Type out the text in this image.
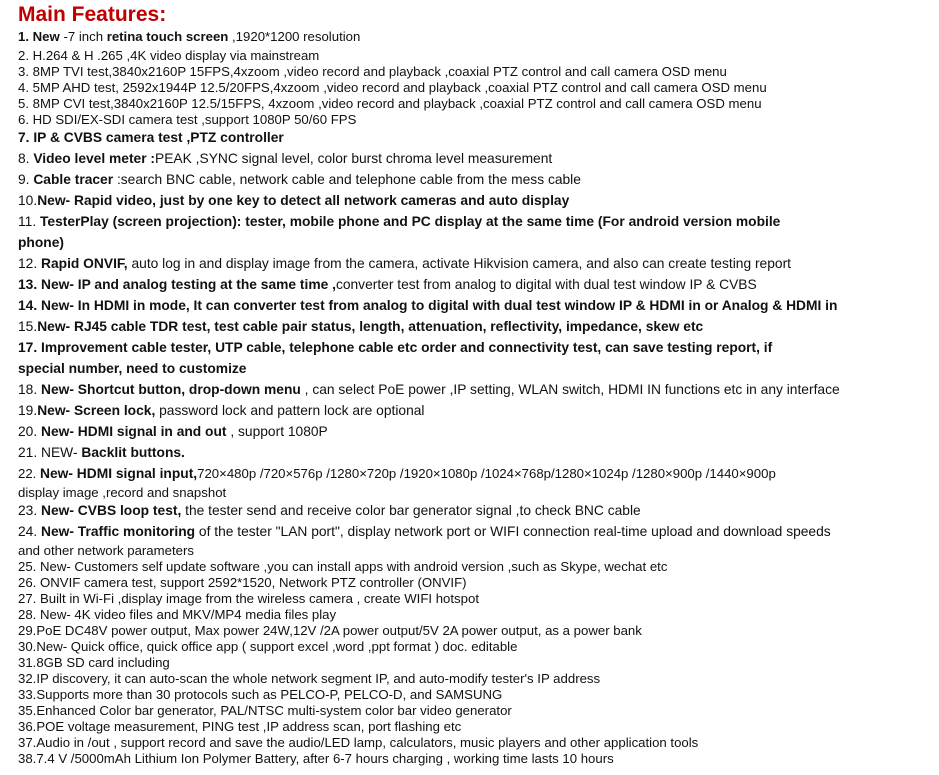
Main Features:
1. New -7 inch retina touch screen ,1920*1200 resolution
2. H.264 & H .265 ,4K video display via mainstream
3. 8MP TVI test,3840x2160P 15FPS,4xzoom ,video record and playback ,coaxial PTZ control and call camera OSD menu
4. 5MP AHD test, 2592x1944P 12.5/20FPS,4xzoom ,video record and playback ,coaxial PTZ control and call camera OSD menu
5. 8MP CVI test,3840x2160P 12.5/15FPS, 4xzoom ,video record and playback ,coaxial PTZ control and call camera OSD menu
6. HD SDI/EX-SDI camera test ,support 1080P 50/60 FPS
7. IP & CVBS camera test ,PTZ controller
8. Video level meter :PEAK ,SYNC signal level, color burst chroma level measurement
9. Cable tracer :search BNC cable, network cable and telephone cable from the mess cable
10.New- Rapid video, just by one key to detect all network cameras and auto display
11. TesterPlay (screen projection): tester, mobile phone and PC display at the same time (For android version mobile
phone)
12. Rapid ONVIF, auto log in and display image from the camera, activate Hikvision camera, and also can create testing report
13. New- IP and analog testing at the same time ,converter test from analog to digital with dual test window IP & CVBS
14. New- In HDMI in mode, It can converter test from analog to digital with dual test window IP & HDMI in or Analog & HDMI in
15.New- RJ45 cable TDR test, test cable pair status, length, attenuation, reflectivity, impedance, skew etc
17. Improvement cable tester, UTP cable, telephone cable etc order and connectivity test, can save testing report, if
special number, need to customize
18. New- Shortcut button, drop-down menu , can select PoE power ,IP setting, WLAN switch, HDMI IN functions etc in any interface
19.New- Screen lock, password lock and pattern lock are optional
20. New- HDMI signal in and out , support 1080P
21. NEW- Backlit buttons.
22. New- HDMI signal input,720×480p /720×576p /1280×720p /1920×1080p /1024×768p/1280×1024p /1280×900p /1440×900p
display image ,record and snapshot
23. New- CVBS loop test, the tester send and receive color bar generator signal ,to check BNC cable
24. New- Traffic monitoring of the tester "LAN port", display network port or WIFI connection real-time upload and download speeds
and other network parameters
25. New- Customers self update software ,you can install apps with android version ,such as Skype, wechat etc
26. ONVIF camera test, support 2592*1520, Network PTZ controller (ONVIF)
27. Built in Wi-Fi ,display image from the wireless camera , create WIFI hotspot
28. New- 4K video files and MKV/MP4 media files play
29.PoE DC48V power output, Max power 24W,12V /2A power output/5V 2A power output, as a power bank
30.New- Quick office, quick office app ( support excel ,word ,ppt format ) doc. editable
31.8GB SD card including
32.IP discovery, it can auto-scan the whole network segment IP, and auto-modify tester's IP address
33.Supports more than 30 protocols such as PELCO-P, PELCO-D, and SAMSUNG
35.Enhanced Color bar generator, PAL/NTSC multi-system color bar video generator
36.POE voltage measurement, PING test ,IP address scan, port flashing etc
37.Audio in /out , support record and save the audio/LED lamp, calculators, music players and other application tools
38.7.4 V /5000mAh Lithium Ion Polymer Battery, after 6-7 hours charging , working time lasts 10 hours
